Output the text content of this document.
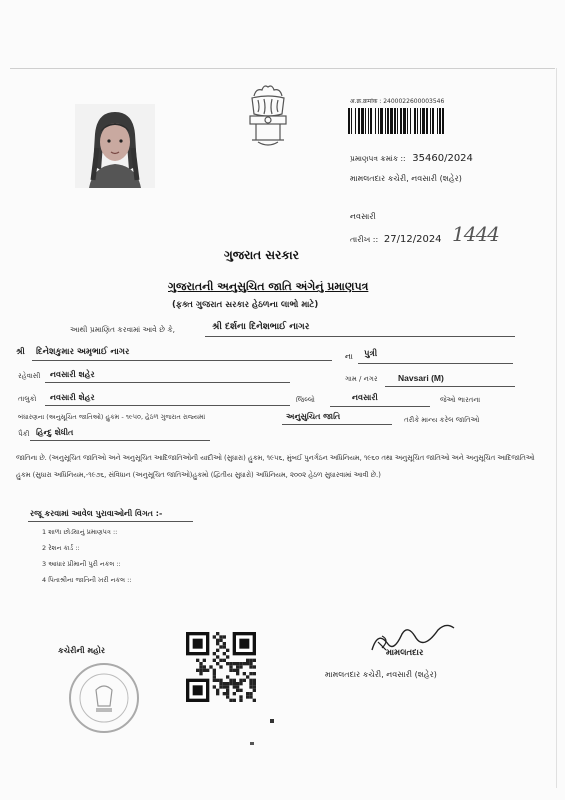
अ.क्र.क्रमांक : 2400022600003546
પ્રમાણપત્ર ક્રમાંક :: 35460/2024
મામલતદાર કચેરી, નવસારી (શહેર)
નવસારી
તારીખ :: 27/12/2024 1444
ગુજરાત સરકાર
ગુજરાતની અનુસુચિત જાતિ અંગેનું પ્રમાણપત્ર
(ફક્ત ગુજરાત સરકાર હેઠળના લાભો માટે)
આથી પ્રમાણિત કરવામાં આવે છે કે,	શ્રી દર્શના દિનેશભાઈ નાગર
શ્રી દિનેશકુમાર અમૃભાઈ નાગર	ના પુત્રી
રહેવાસી નવસારી શહેર	ગામ / નગર Navsari (M)
તાલુકો નવસારી શેહર	જિલ્લો	નવસારી	જેઓ ભારતના
બંધારણના (અનુસૂચિત જાતિઓ) હુકમ - ૧૯૫૦, હેઠળ ગુજરાત રાજ્યમાં	અનુસુચિત જાતિ	તરીકે માન્ય કરેલ જાતિઓ
પૈકી હિન્દુ શેધીત
જાતિના છે. (અનુસૂચિત જાતિઓ અને અનુસૂચિત આદિજાતિઓની યાદીઓ (સુધારા) હુકમ, ૧૯૫૬, મુંબઈ પુનર્ગઠન અધિનિયમ, ૧૯૬૦ તથા અનુસૂચિત જાતિઓ અને અનુસૂચિત આદિજાતિઓ હુકમ (સુધારા અધિનિયમ,-૧૯૭૬, સંવિધાન (અનુસૂચિત જાતિઓ)હુકમો (દ્વિતીય સુધારો) અધિનિયમ, ૨૦૦૨ હેઠળ સુધારવામાં આવી છે.)
રજૂ કરવામાં આવેલ પુરાવાઓની વિગત :-
1 શાળા છોડ્યાનું પ્રમાણપત્ર ::
2 રેશન કાર્ડ ::
3 આધાર પ્રીમાની પુરી નકલ ::
4 પિતાશ્રીના જાતિની ખરી નકલ ::
કચેરીની મહોર	મામલતદાર
મામલતદાર કચેરી, નવસારી (શહેર)
